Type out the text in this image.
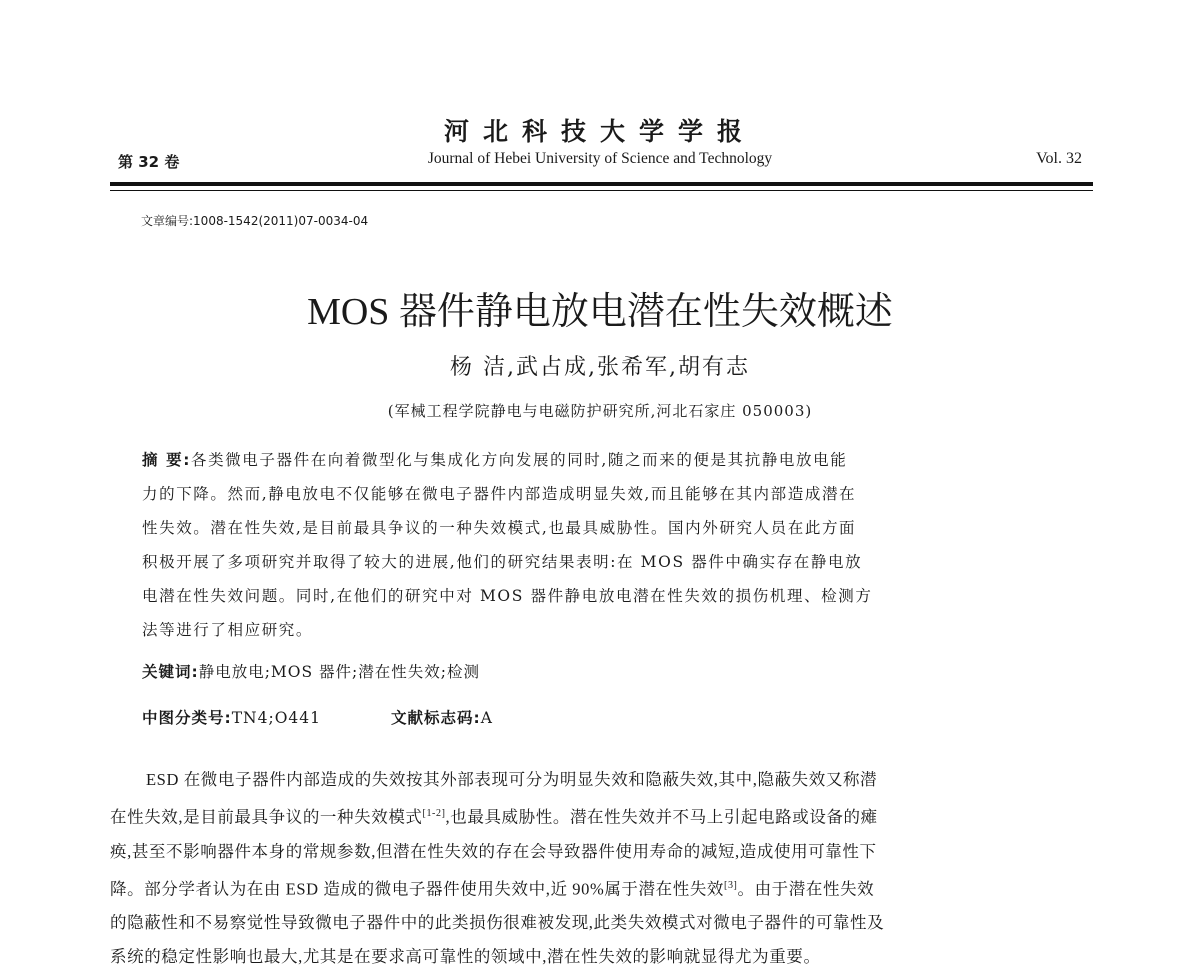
河北科技大学学报
第 32 卷	Journal of Hebei University of Science and Technology	Vol. 32
文章编号:1008-1542(2011)07-0034-04
MOS 器件静电放电潜在性失效概述
杨 洁,武占成,张希军,胡有志
(军械工程学院静电与电磁防护研究所,河北石家庄 050003)

摘 要:各类微电子器件在向着微型化与集成化方向发展的同时,随之而来的便是其抗静电放电能

力的下降。然而,静电放电不仅能够在微电子器件内部造成明显失效,而且能够在其内部造成潜在

性失效。潜在性失效,是目前最具争议的一种失效模式,也最具威胁性。国内外研究人员在此方面

积极开展了多项研究并取得了较大的进展,他们的研究结果表明:在 MOS 器件中确实存在静电放

电潜在性失效问题。同时,在他们的研究中对 MOS 器件静电放电潜在性失效的损伤机理、检测方

法等进行了相应研究。

关键词:静电放电;MOS 器件;潜在性失效;检测
中图分类号:TN4;O441	文献标志码:A

ESD 在微电子器件内部造成的失效按其外部表现可分为明显失效和隐蔽失效,其中,隐蔽失效又称潜

在性失效,是目前最具争议的一种失效模式[1-2],也最具威胁性。潜在性失效并不马上引起电路或设备的瘫

痪,甚至不影响器件本身的常规参数,但潜在性失效的存在会导致器件使用寿命的减短,造成使用可靠性下

降。部分学者认为在由 ESD 造成的微电子器件使用失效中,近 90%属于潜在性失效[3]。由于潜在性失效

的隐蔽性和不易察觉性导致微电子器件中的此类损伤很难被发现,此类失效模式对微电子器件的可靠性及

系统的稳定性影响也最大,尤其是在要求高可靠性的领域中,潜在性失效的影响就显得尤为重要。
